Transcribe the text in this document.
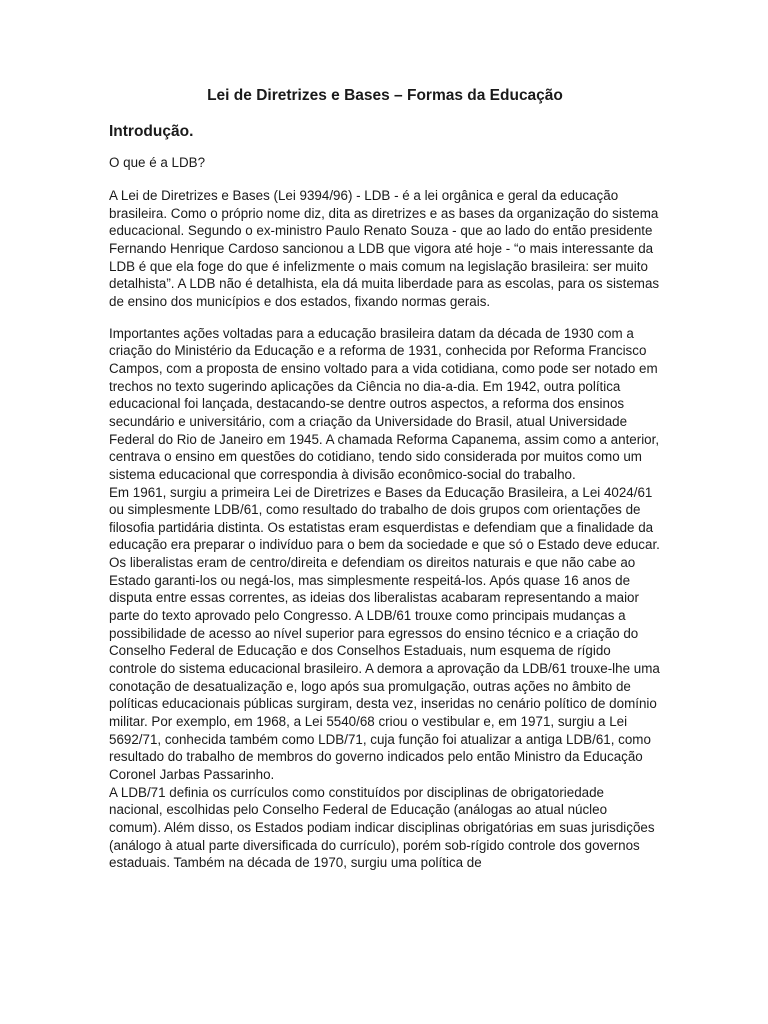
Lei de Diretrizes e Bases – Formas da Educação
Introdução.

O que é a LDB?

A Lei de Diretrizes e Bases (Lei 9394/96) - LDB - é a lei orgânica e geral da educação brasileira. Como o próprio nome diz, dita as diretrizes e as bases da organização do sistema educacional. Segundo o ex-ministro Paulo Renato Souza - que ao lado do então presidente Fernando Henrique Cardoso sancionou a LDB que vigora até hoje - “o mais interessante da LDB é que ela foge do que é infelizmente o mais comum na legislação brasileira: ser muito detalhista”. A LDB não é detalhista, ela dá muita liberdade para as escolas, para os sistemas de ensino dos municípios e dos estados, fixando normas gerais.

Importantes ações voltadas para a educação brasileira datam da década de 1930 com a criação do Ministério da Educação e a reforma de 1931, conhecida por Reforma Francisco Campos, com a proposta de ensino voltado para a vida cotidiana, como pode ser notado em trechos no texto sugerindo aplicações da Ciência no dia-a-dia. Em 1942, outra política educacional foi lançada, destacando-se dentre outros aspectos, a reforma dos ensinos secundário e universitário, com a criação da Universidade do Brasil, atual Universidade Federal do Rio de Janeiro em 1945. A chamada Reforma Capanema, assim como a anterior, centrava o ensino em questões do cotidiano, tendo sido considerada por muitos como um sistema educacional que correspondia à divisão econômico-social do trabalho.

Em 1961, surgiu a primeira Lei de Diretrizes e Bases da Educação Brasileira, a Lei 4024/61 ou simplesmente LDB/61, como resultado do trabalho de dois grupos com orientações de filosofia partidária distinta. Os estatistas eram esquerdistas e defendiam que a finalidade da educação era preparar o indivíduo para o bem da sociedade e que só o Estado deve educar. Os liberalistas eram de centro/direita e defendiam os direitos naturais e que não cabe ao Estado garanti-los ou negá-los, mas simplesmente respeitá-los. Após quase 16 anos de disputa entre essas correntes, as ideias dos liberalistas acabaram representando a maior parte do texto aprovado pelo Congresso. A LDB/61 trouxe como principais mudanças a possibilidade de acesso ao nível superior para egressos do ensino técnico e a criação do Conselho Federal de Educação e dos Conselhos Estaduais, num esquema de rígido controle do sistema educacional brasileiro. A demora a aprovação da LDB/61 trouxe-lhe uma conotação de desatualização e, logo após sua promulgação, outras ações no âmbito de políticas educacionais públicas surgiram, desta vez, inseridas no cenário político de domínio militar. Por exemplo, em 1968, a Lei 5540/68 criou o vestibular e, em 1971, surgiu a Lei 5692/71, conhecida também como LDB/71, cuja função foi atualizar a antiga LDB/61, como resultado do trabalho de membros do governo indicados pelo então Ministro da Educação Coronel Jarbas Passarinho.

A LDB/71 definia os currículos como constituídos por disciplinas de obrigatoriedade nacional, escolhidas pelo Conselho Federal de Educação (análogas ao atual núcleo comum). Além disso, os Estados podiam indicar disciplinas obrigatórias em suas jurisdições (análogo à atual parte diversificada do currículo), porém sob-rígido controle dos governos estaduais. Também na década de 1970, surgiu uma política de
